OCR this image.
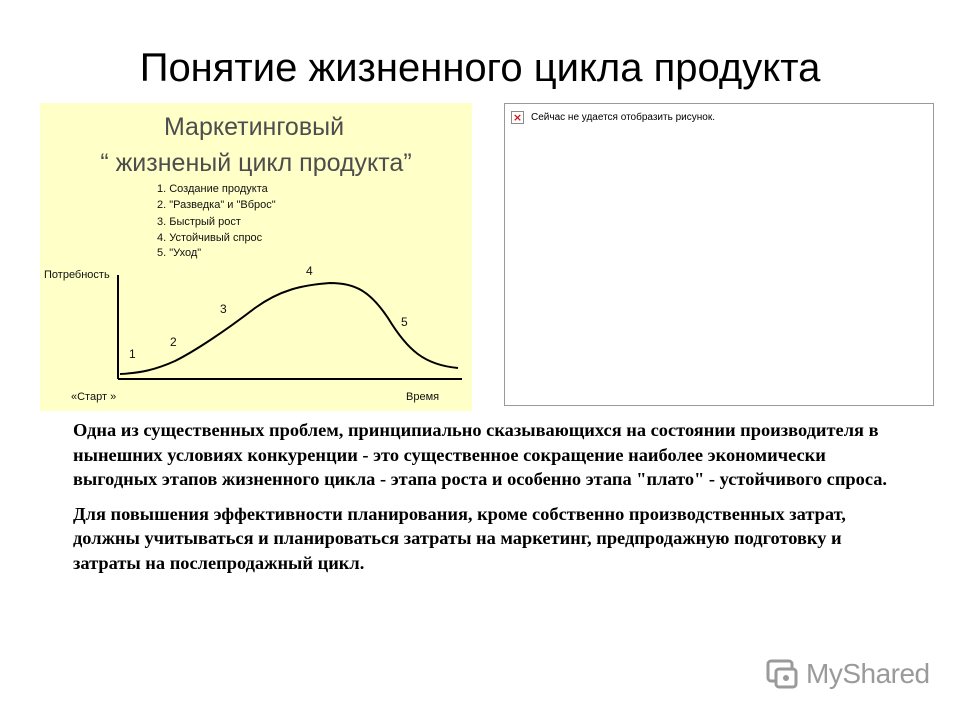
Понятие жизненного цикла продукта
Маркетинговый
“ жизненый цикл продукта”
1. Создание продукта
2. "Разведка" и "Вброс"
3. Быстрый рост
4. Устойчивый спрос
5. "Уход"
Потребность
1
2
3
4
5
«Старт »	Время
× Сейчас не удается отобразить рисунок.

Одна из существенных проблем, принципиально сказывающихся на состоянии производителя в нынешних условиях конкуренции - это существенное сокращение наиболее экономически выгодных этапов жизненного цикла - этапа роста и особенно этапа "плато" - устойчивого спроса.

Для повышения эффективности планирования, кроме собственно производственных затрат, должны учитываться и планироваться затраты на маркетинг, предпродажную подготовку и затраты на послепродажный цикл.

MyShared
